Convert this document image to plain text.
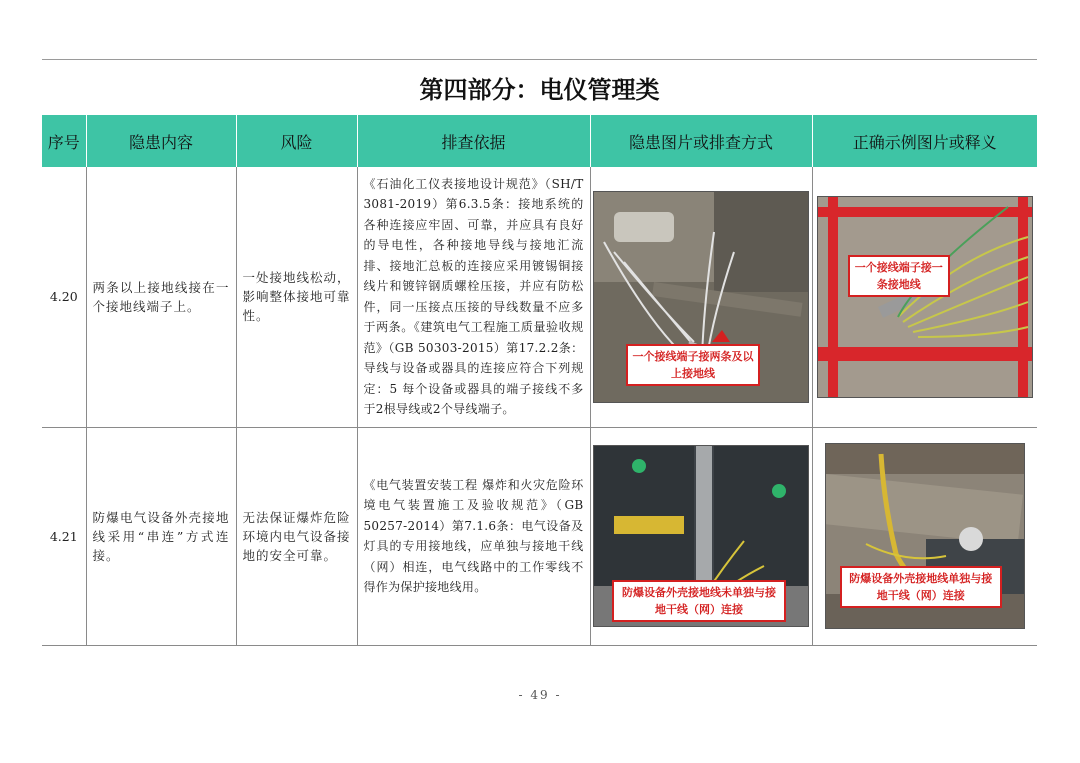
第四部分：电仪管理类
序号	隐患内容	风险	排查依据	隐患图片或排查方式	正确示例图片或释义
4.20	两条以上接地线接在一个接地线端子上。	一处接地线松动，影响整体接地可靠性。	《石油化工仪表接地设计规范》（SH/T 3081-2019）第6.3.5条：接地系统的各种连接应牢固、可靠，并应具有良好的导电性，各种接地导线与接地汇流排、接地汇总板的连接应采用镀锡铜接线片和镀锌钢质螺栓压接，并应有防松件，同一压接点压接的导线数量不应多于两条。《建筑电气工程施工质量验收规范》（GB 50303-2015）第17.2.2条：导线与设备或器具的连接应符合下列规定：5 每个设备或器具的端子接线不多于2根导线或2个导线端子。	一个接线端子接两条及以上接地线	一个接线端子接一条接地线

4.21	防爆电气设备外壳接地线采用“串连”方式连接。	无法保证爆炸危险环境内电气设备接地的安全可靠。	《电气装置安装工程 爆炸和火灾危险环境电气装置施工及验收规范》（GB 50257-2014）第7.1.6条：电气设备及灯具的专用接地线，应单独与接地干线（网）相连，电气线路中的工作零线不得作为保护接地线用。	防爆设备外壳接地线未单独与接地干线（网）连接	防爆设备外壳接地线单独与接地干线（网）连接
- 49 -
